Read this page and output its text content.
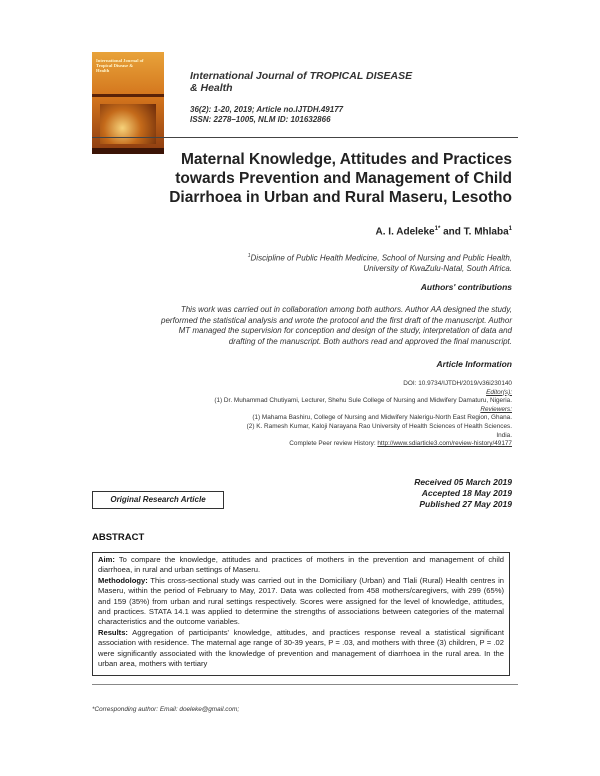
International Journal of
Tropical Disease &
Health	International Journal of TROPICAL DISEASE
& Health
36(2): 1-20, 2019; Article no.IJTDH.49177
ISSN: 2278–1005, NLM ID: 101632866
Maternal Knowledge, Attitudes and Practices
towards Prevention and Management of Child
Diarrhoea in Urban and Rural Maseru, Lesotho
A. I. Adeleke$^{1*}$ and T. Mhlaba$^1$
$^1$Discipline of Public Health Medicine, School of Nursing and Public Health,
University of KwaZulu-Natal, South Africa.
Authors' contributions
This work was carried out in collaboration among both authors. Author AA designed the study,
performed the statistical analysis and wrote the protocol and the first draft of the manuscript. Author
MT managed the supervision for conception and design of the study, interpretation of data and
drafting of the manuscript. Both authors read and approved the final manuscript.
Article Information
DOI: 10.9734/IJTDH/2019/v36i230140
Editor(s):
(1) Dr. Muhammad Chutiyami, Lecturer, Shehu Sule College of Nursing and Midwifery Damaturu, Nigeria.
Reviewers:
(1) Mahama Bashiru, College of Nursing and Midwifery Nalerigu-North East Region, Ghana.
(2) K. Ramesh Kumar, Kaloji Narayana Rao University of Health Sciences of Health Sciences.
India.
Complete Peer review History: http://www.sdiarticle3.com/review-history/49177
Original Research Article
Received 05 March 2019
Accepted 18 May 2019
Published 27 May 2019
ABSTRACT

Aim: To compare the knowledge, attitudes and practices of mothers in the prevention and management of child diarrhoea, in rural and urban settings of Maseru.

Methodology: This cross-sectional study was carried out in the Domiciliary (Urban) and Tlali (Rural) Health centres in Maseru, within the period of February to May, 2017. Data was collected from 458 mothers/caregivers, with 299 (65%) and 159 (35%) from urban and rural settings respectively. Scores were assigned for the level of knowledge, attitudes, and practices. STATA 14.1 was applied to determine the strengths of associations between categories of the maternal characteristics and the outcome variables.

Results: Aggregation of participants' knowledge, attitudes, and practices response reveal a statistical significant association with residence. The maternal age range of 30-39 years, P = .03, and mothers with three (3) children, P = .02 were significantly associated with the knowledge of prevention and management of diarrhoea in the rural area. In the urban area, mothers with tertiary

*Corresponding author: Email: doeleke@gmail.com;
